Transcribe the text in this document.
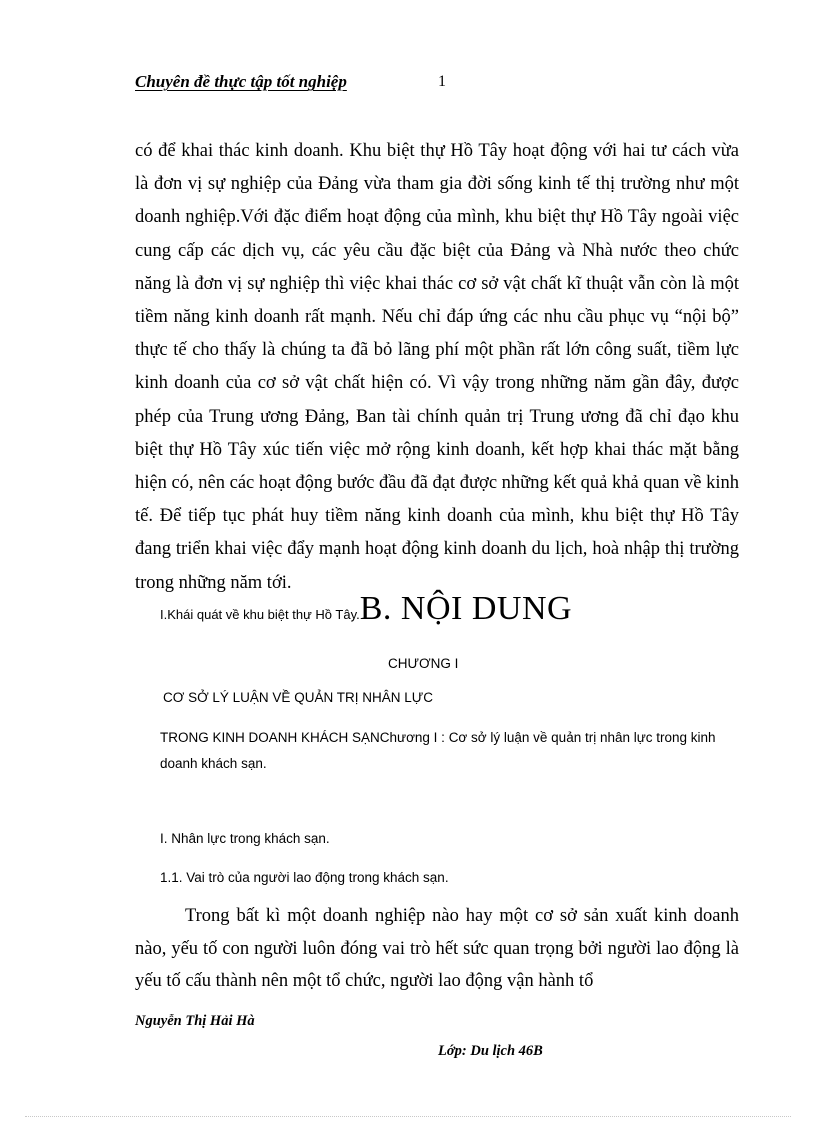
Chuyên đề thực tập tốt nghiệp	1
có để khai thác kinh doanh. Khu biệt thự Hồ Tây hoạt động với hai tư cách vừa là đơn vị sự nghiệp của Đảng vừa tham gia đời sống kinh tế thị trường như một doanh nghiệp.Với đặc điểm hoạt động của mình, khu biệt thự Hồ Tây ngoài việc cung cấp các dịch vụ, các yêu cầu đặc biệt của Đảng và Nhà nước theo chức năng là đơn vị sự nghiệp thì việc khai thác cơ sở vật chất kĩ thuật vẫn còn là một tiềm năng kinh doanh rất mạnh. Nếu chỉ đáp ứng các nhu cầu phục vụ “nội bộ” thực tế cho thấy là chúng ta đã bỏ lãng phí một phần rất lớn công suất, tiềm lực kinh doanh của cơ sở vật chất hiện có. Vì vậy trong những năm gần đây, được phép của Trung ương Đảng, Ban tài chính quản trị Trung ương đã chỉ đạo khu biệt thự Hồ Tây xúc tiến việc mở rộng kinh doanh, kết hợp khai thác mặt bằng hiện có, nên các hoạt động bước đầu đã đạt được những kết quả khả quan về kinh tế. Để tiếp tục phát huy tiềm năng kinh doanh của mình, khu biệt thự Hồ Tây đang triển khai việc đẩy mạnh hoạt động kinh doanh du lịch, hoà nhập thị trường trong những năm tới.
I.Khái quát về khu biệt thự Hồ Tây.B. NỘI DUNG
CHƯƠNG I
CƠ SỞ LÝ LUẬN VỀ QUẢN TRỊ NHÂN LỰC
TRONG KINH DOANH KHÁCH SẠNChương I : Cơ sở lý luận về quản trị nhân lực trong kinh doanh khách sạn.
I. Nhân lực trong khách sạn.
1.1. Vai trò của người lao động trong khách sạn.
Trong bất kì một doanh nghiệp nào hay một cơ sở sản xuất kinh doanh nào, yếu tố con người luôn đóng vai trò hết sức quan trọng bởi người lao động là yếu tố cấu thành nên một tổ chức, người lao động vận hành tổ
Nguyễn Thị Hải Hà
Lớp: Du lịch 46B
